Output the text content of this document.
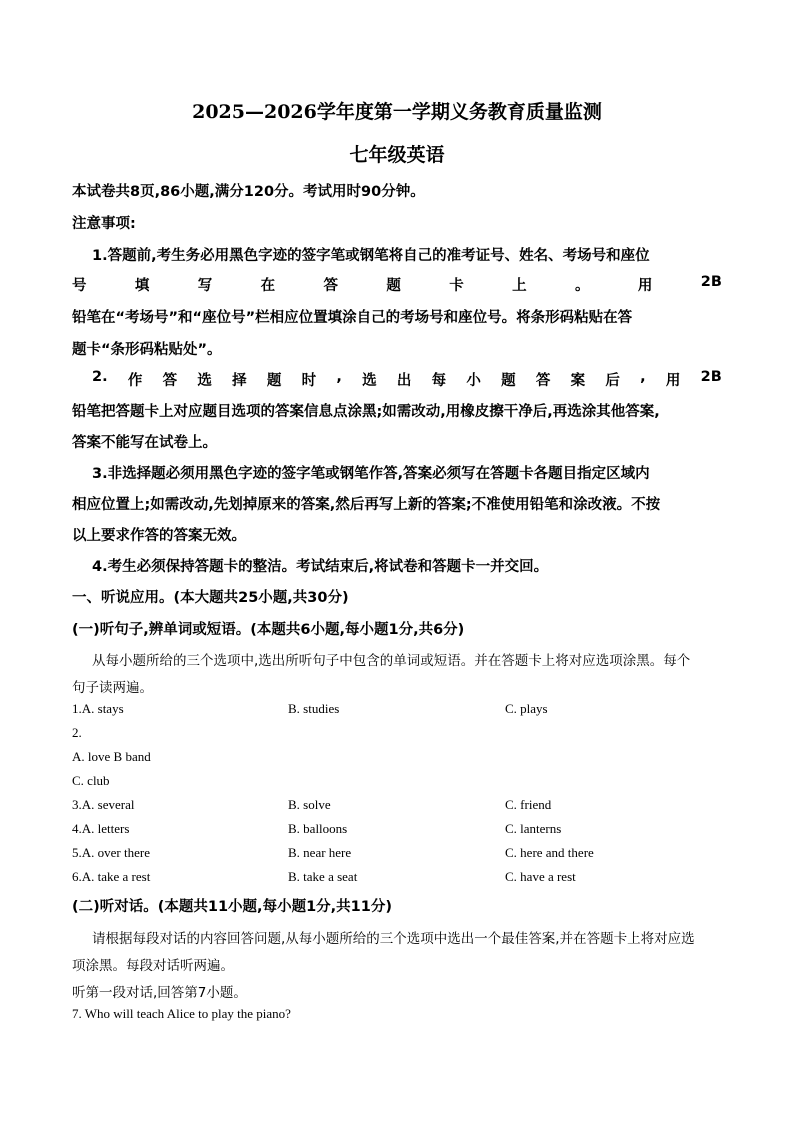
2025—2026学年度第一学期义务教育质量监测
七年级英语
本试卷共8页,86小题,满分120分。考试用时90分钟。
注意事项:
1.答题前,考生务必用黑色字迹的签字笔或钢笔将自己的准考证号、姓名、考场号和座位
号	填	写	在	答	题	卡	上	。	用	2B
铅笔在“考场号”和“座位号”栏相应位置填涂自己的考场号和座位号。将条形码粘贴在答
题卡“条形码粘贴处”。
2. 作 答 选 择 题 时 , 选 出 每 小 题 答 案 后 , 用 2B
铅笔把答题卡上对应题目选项的答案信息点涂黑;如需改动,用橡皮擦干净后,再选涂其他答案,
答案不能写在试卷上。
3.非选择题必须用黑色字迹的签字笔或钢笔作答,答案必须写在答题卡各题目指定区域内
相应位置上;如需改动,先划掉原来的答案,然后再写上新的答案;不准使用铅笔和涂改液。不按
以上要求作答的答案无效。
4.考生必须保持答题卡的整洁。考试结束后,将试卷和答题卡一并交回。
一、听说应用。(本大题共25小题,共30分)
(一)听句子,辨单词或短语。(本题共6小题,每小题1分,共6分)
从每小题所给的三个选项中,选出所听句子中包含的单词或短语。并在答题卡上将对应选项涂黑。每个
句子读两遍。
1.A. stays	B. studies	C. plays
2.
A. love B band
C. club
3.A. several	B. solve	C. friend
4.A. letters	B. balloons	C. lanterns
5.A. over there	B. near here	C. here and there
6.A. take a rest	B. take a seat	C. have a rest
(二)听对话。(本题共11小题,每小题1分,共11分)
请根据每段对话的内容回答问题,从每小题所给的三个选项中选出一个最佳答案,并在答题卡上将对应选
项涂黑。每段对话听两遍。
听第一段对话,回答第7小题。
7. Who will teach Alice to play the piano?
